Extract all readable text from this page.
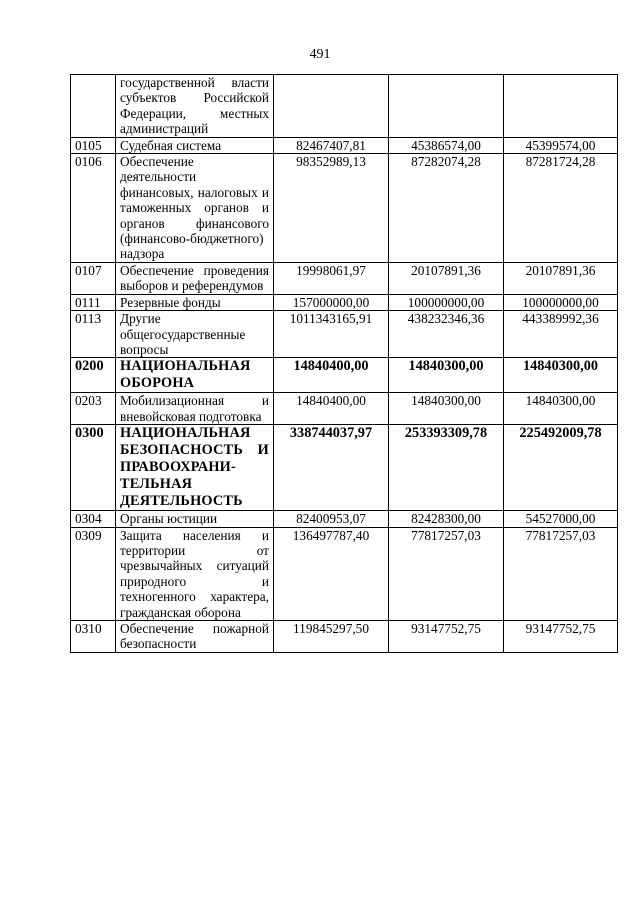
491
	государственной власти субъектов Российской Федерации, местных администраций			
0105	Судебная система	82467407,81	45386574,00	45399574,00
0106	Обеспечение деятельности финансовых, налоговых и таможенных органов и органов финансового (финансово-бюджетного) надзора	98352989,13	87282074,28	87281724,28
0107	Обеспечение проведения выборов и референдумов	19998061,97	20107891,36	20107891,36
0111	Резервные фонды	157000000,00	100000000,00	100000000,00
0113	Другие общегосударственные вопросы	1011343165,91	438232346,36	443389992,36
0200	НАЦИОНАЛЬНАЯ ОБОРОНА	14840400,00	14840300,00	14840300,00
0203	Мобилизационная и вневойсковая подготовка	14840400,00	14840300,00	14840300,00
0300	НАЦИОНАЛЬНАЯ БЕЗОПАСНОСТЬ И ПРАВООХРАНИ-ТЕЛЬНАЯ ДЕЯТЕЛЬНОСТЬ	338744037,97	253393309,78	225492009,78
0304	Органы юстиции	82400953,07	82428300,00	54527000,00
0309	Защита населения и территории от чрезвычайных ситуаций природного и техногенного характера, гражданская оборона	136497787,40	77817257,03	77817257,03
0310	Обеспечение пожарной безопасности	119845297,50	93147752,75	93147752,75
